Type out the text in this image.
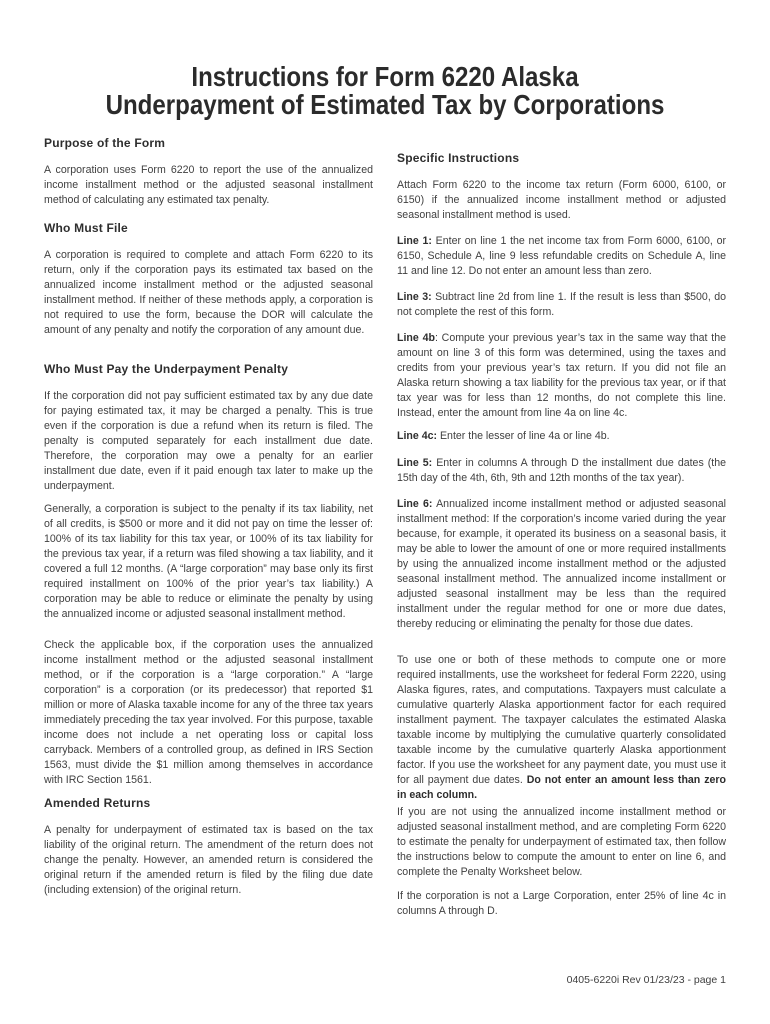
Instructions for Form 6220 Alaska
Underpayment of Estimated Tax by Corporations
Purpose of the Form
A corporation uses Form 6220 to report the use of the annualized income installment method or the adjusted seasonal installment method of calculating any estimated tax penalty.
Who Must File
A corporation is required to complete and attach Form 6220 to its return, only if the corporation pays its estimated tax based on the annualized income installment method or the adjusted seasonal installment method. If neither of these methods apply, a corporation is not required to use the form, because the DOR will calculate the amount of any penalty and notify the corporation of any amount due.
Who Must Pay the Underpayment Penalty
If the corporation did not pay sufficient estimated tax by any due date for paying estimated tax, it may be charged a penalty. This is true even if the corporation is due a refund when its return is filed. The penalty is computed separately for each installment due date. Therefore, the corporation may owe a penalty for an earlier installment due date, even if it paid enough tax later to make up the underpayment.
Generally, a corporation is subject to the penalty if its tax liability, net of all credits, is $500 or more and it did not pay on time the lesser of: 100% of its tax liability for this tax year, or 100% of its tax liability for the previous tax year, if a return was filed showing a tax liability, and it covered a full 12 months. (A “large corporation” may base only its first required installment on 100% of the prior year’s tax liability.) A corporation may be able to reduce or eliminate the penalty by using the annualized income or adjusted seasonal installment method.
Check the applicable box, if the corporation uses the annualized income installment method or the adjusted seasonal installment method, or if the corporation is a “large corporation.” A “large corporation” is a corporation (or its predecessor) that reported $1 million or more of Alaska taxable income for any of the three tax years immediately preceding the tax year involved. For this purpose, taxable income does not include a net operating loss or capital loss carryback. Members of a controlled group, as defined in IRS Section 1563, must divide the $1 million among themselves in accordance with IRC Section 1561.
Amended Returns
A penalty for underpayment of estimated tax is based on the tax liability of the original return. The amendment of the return does not change the penalty. However, an amended return is considered the original return if the amended return is filed by the filing due date (including extension) of the original return.
Specific Instructions
Attach Form 6220 to the income tax return (Form 6000, 6100, or 6150) if the annualized income installment method or adjusted seasonal installment method is used.
Line 1: Enter on line 1 the net income tax from Form 6000, 6100, or 6150, Schedule A, line 9 less refundable credits on Schedule A, line 11 and line 12. Do not enter an amount less than zero.
Line 3: Subtract line 2d from line 1. If the result is less than $500, do not complete the rest of this form.
Line 4b: Compute your previous year’s tax in the same way that the amount on line 3 of this form was determined, using the taxes and credits from your previous year’s tax return. If you did not file an Alaska return showing a tax liability for the previous tax year, or if that tax year was for less than 12 months, do not complete this line. Instead, enter the amount from line 4a on line 4c.
Line 4c: Enter the lesser of line 4a or line 4b.
Line 5: Enter in columns A through D the installment due dates (the 15th day of the 4th, 6th, 9th and 12th months of the tax year).
Line 6: Annualized income installment method or adjusted seasonal installment method: If the corporation’s income varied during the year because, for example, it operated its business on a seasonal basis, it may be able to lower the amount of one or more required installments by using the annualized income installment method or the adjusted seasonal installment method. The annualized income installment or adjusted seasonal installment may be less than the required installment under the regular method for one or more due dates, thereby reducing or eliminating the penalty for those due dates.
To use one or both of these methods to compute one or more required installments, use the worksheet for federal Form 2220, using Alaska figures, rates, and computations. Taxpayers must calculate a cumulative quarterly Alaska apportionment factor for each required installment payment. The taxpayer calculates the estimated Alaska taxable income by multiplying the cumulative quarterly consolidated taxable income by the cumulative quarterly Alaska apportionment factor. If you use the worksheet for any payment date, you must use it for all payment due dates. Do not enter an amount less than zero in each column.
If you are not using the annualized income installment method or adjusted seasonal installment method, and are completing Form 6220 to estimate the penalty for underpayment of estimated tax, then follow the instructions below to compute the amount to enter on line 6, and complete the Penalty Worksheet below.
If the corporation is not a Large Corporation, enter 25% of line 4c in columns A through D.
0405-6220i Rev 01/23/23 - page 1
